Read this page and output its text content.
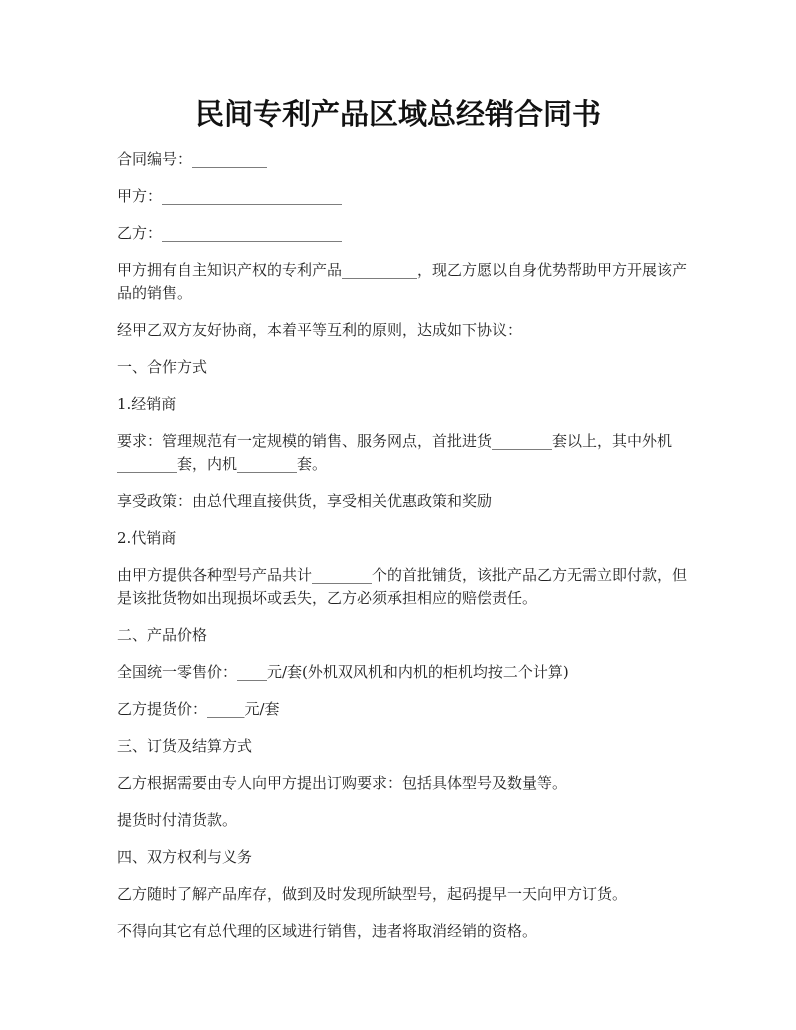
民间专利产品区域总经销合同书

合同编号：__________

甲方：________________________

乙方：________________________

甲方拥有自主知识产权的专利产品__________，现乙方愿以自身优势帮助甲方开展该产品的销售。

经甲乙双方友好协商，本着平等互利的原则，达成如下协议：

一、合作方式

1.经销商

要求：管理规范有一定规模的销售、服务网点，首批进货________套以上，其中外机________套，内机________套。

享受政策：由总代理直接供货，享受相关优惠政策和奖励

2.代销商

由甲方提供各种型号产品共计________个的首批铺货，该批产品乙方无需立即付款，但是该批货物如出现损坏或丢失，乙方必须承担相应的赔偿责任。

二、产品价格

全国统一零售价：____元/套(外机双风机和内机的柜机均按二个计算)

乙方提货价：_____元/套

三、订货及结算方式

乙方根据需要由专人向甲方提出订购要求：包括具体型号及数量等。

提货时付清货款。

四、双方权利与义务

乙方随时了解产品库存，做到及时发现所缺型号，起码提早一天向甲方订货。

不得向其它有总代理的区域进行销售，违者将取消经销的资格。
